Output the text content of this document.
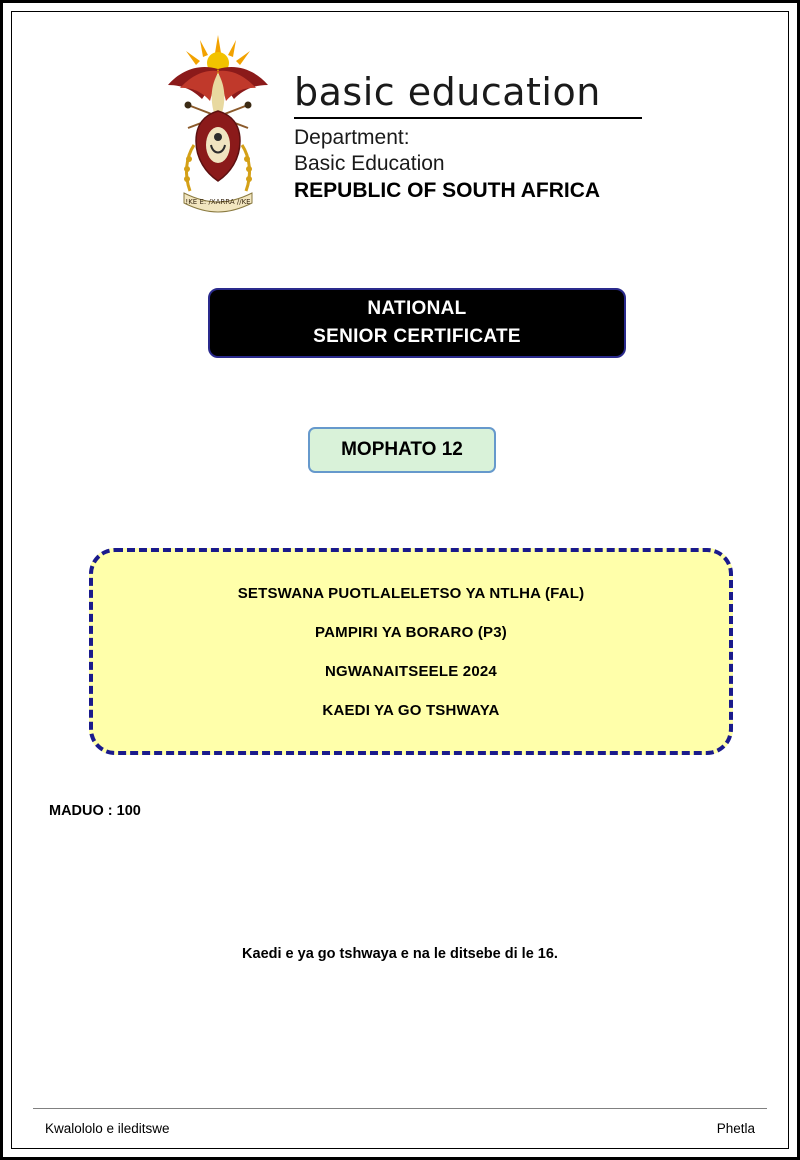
!KE E: /XARRA //KE
basic education
Department:
Basic Education
REPUBLIC OF SOUTH AFRICA
NATIONAL
SENIOR CERTIFICATE
MOPHATO 12
SETSWANA PUOTLALELETSO YA NTLHA (FAL)
PAMPIRI YA BORARO (P3)
NGWANAITSEELE 2024
KAEDI YA GO TSHWAYA
MADUO : 100
Kaedi e ya go tshwaya e na le ditsebe di le 16.
Kwalololo e ileditswe	Phetla
